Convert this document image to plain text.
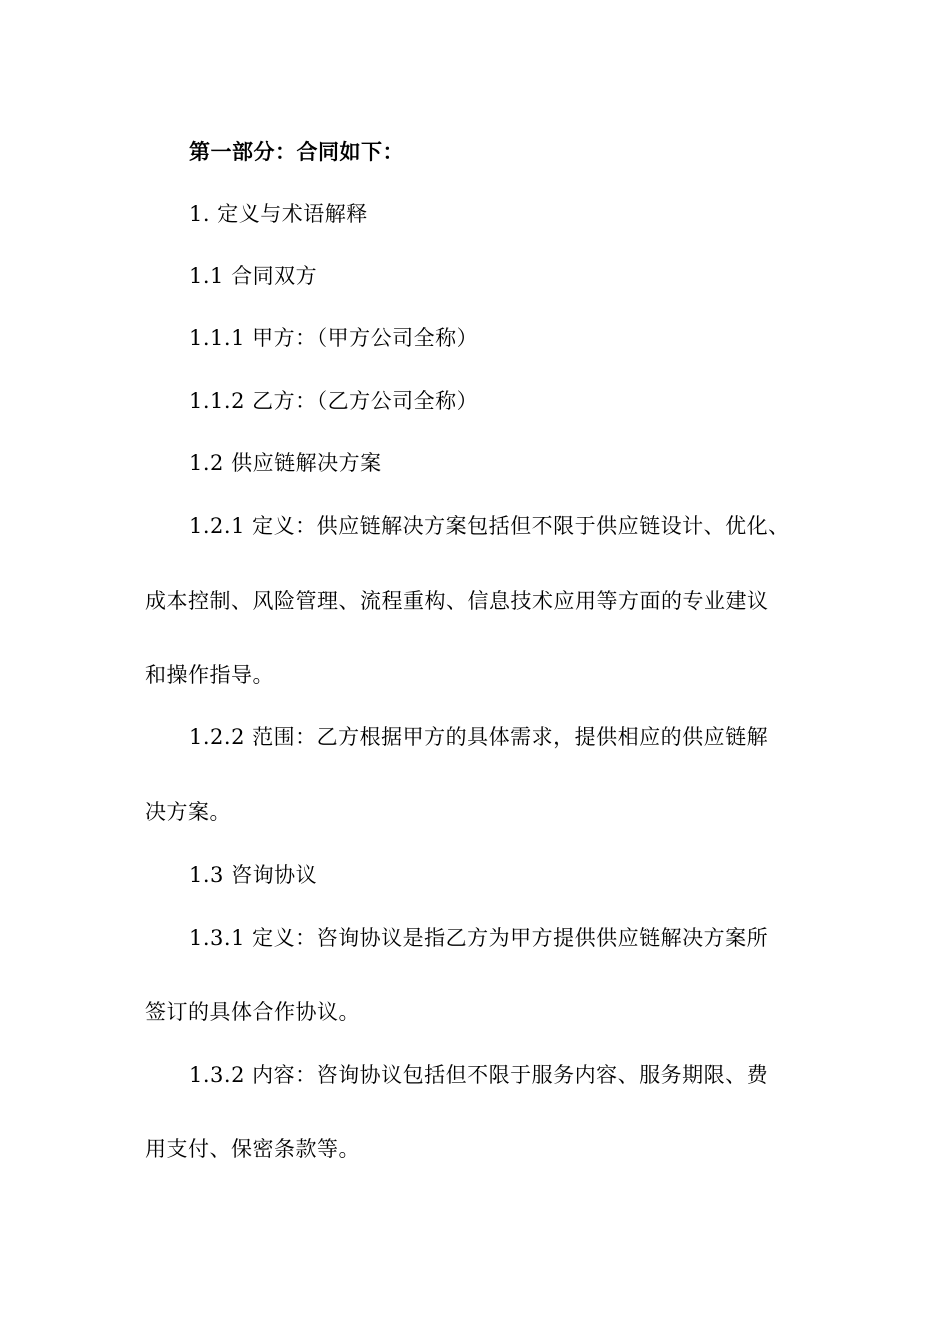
第一部分：合同如下：
1. 定义与术语解释
1.1 合同双方
1.1.1 甲方：（甲方公司全称）
1.1.2 乙方：（乙方公司全称）
1.2 供应链解决方案
1.2.1 定义：供应链解决方案包括但不限于供应链设计、优化、
成本控制、风险管理、流程重构、信息技术应用等方面的专业建议
和操作指导。
1.2.2 范围：乙方根据甲方的具体需求，提供相应的供应链解
决方案。
1.3 咨询协议
1.3.1 定义：咨询协议是指乙方为甲方提供供应链解决方案所
签订的具体合作协议。
1.3.2 内容：咨询协议包括但不限于服务内容、服务期限、费
用支付、保密条款等。
